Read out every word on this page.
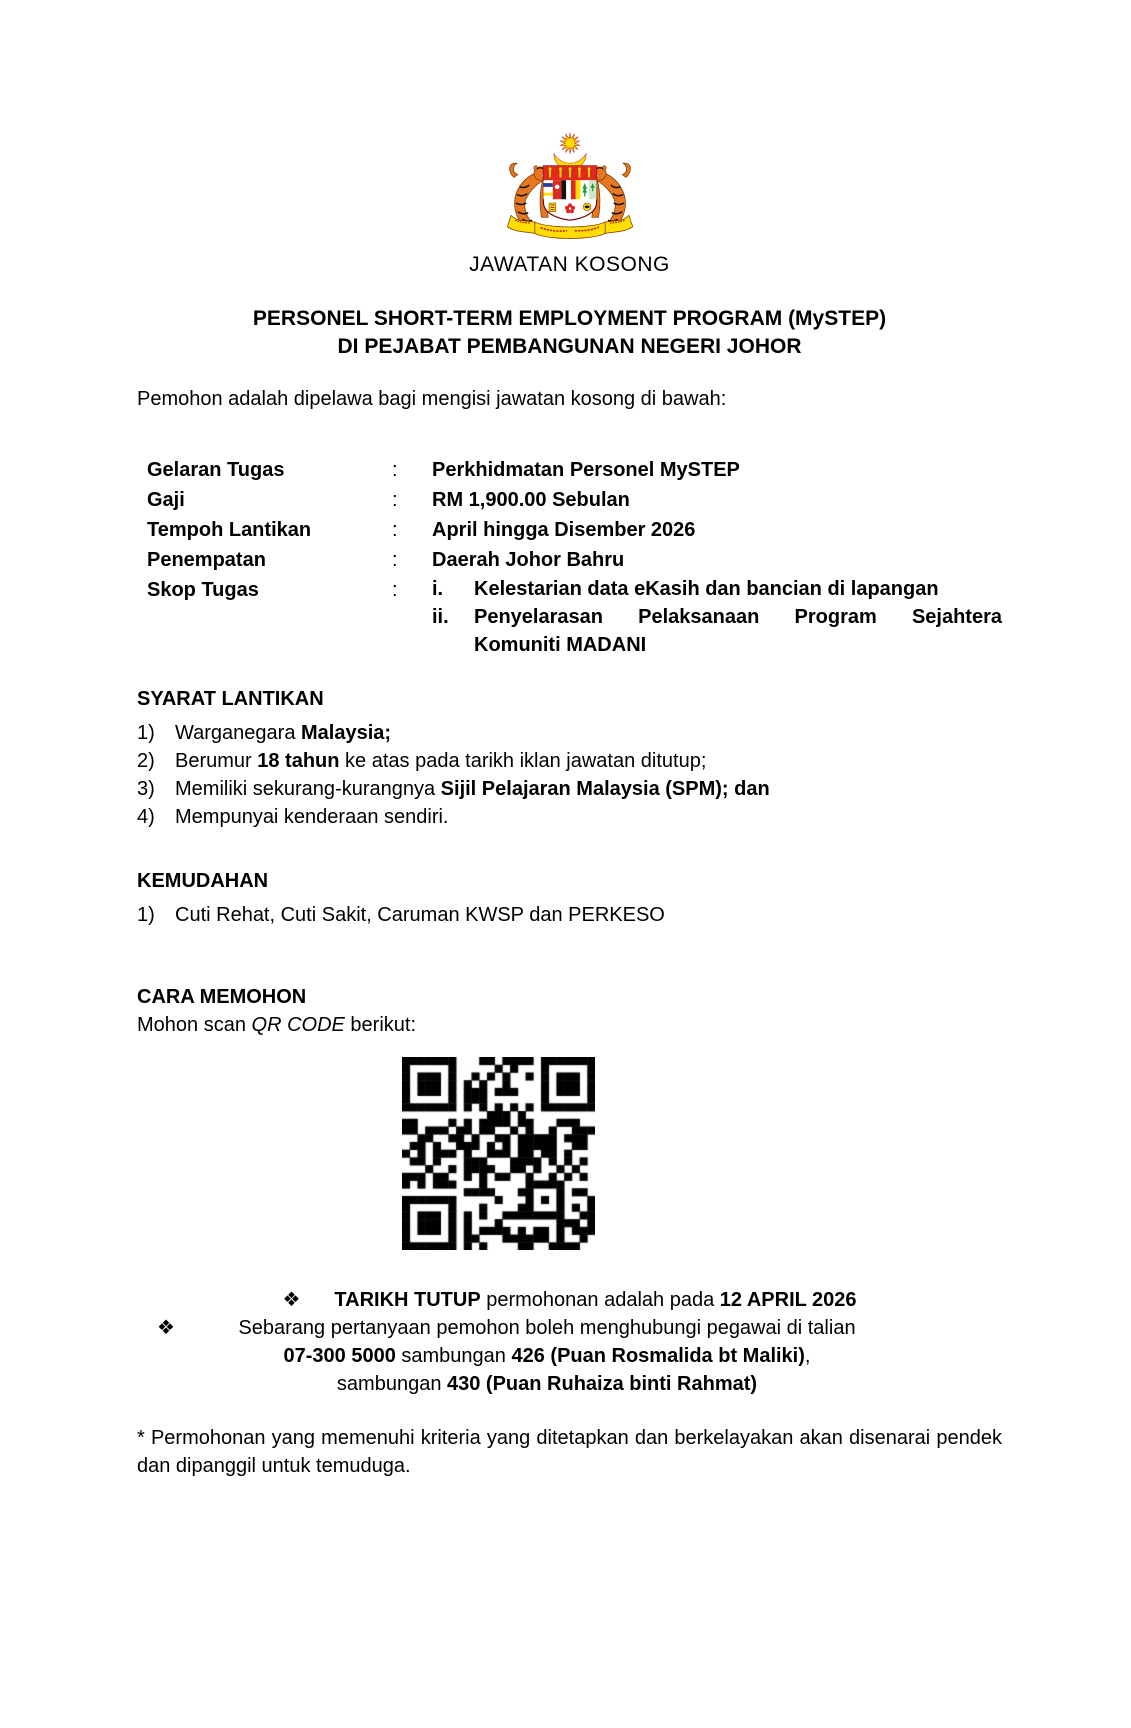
JAWATAN KOSONG
PERSONEL SHORT-TERM EMPLOYMENT PROGRAM (MySTEP)
DI PEJABAT PEMBANGUNAN NEGERI JOHOR
Pemohon adalah dipelawa bagi mengisi jawatan kosong di bawah:
Gelaran Tugas	:	Perkhidmatan Personel MySTEP
Gaji	:	RM 1,900.00 Sebulan
Tempoh Lantikan	:	April hingga Disember 2026
Penempatan	:	Daerah Johor Bahru
Skop Tugas	:	i. Kelestarian data eKasih dan bancian di lapangan
ii. Penyelarasan Pelaksanaan Program Sejahtera Komuniti MADANI
SYARAT LANTIKAN
1)	Warganegara Malaysia;
2)	Berumur 18 tahun ke atas pada tarikh iklan jawatan ditutup;
3)	Memiliki sekurang-kurangnya Sijil Pelajaran Malaysia (SPM); dan
4)	Mempunyai kenderaan sendiri.
KEMUDAHAN
1)	Cuti Rehat, Cuti Sakit, Caruman KWSP dan PERKESO
CARA MEMOHON
Mohon scan QR CODE berikut:
❖ TARIKH TUTUP permohonan adalah pada 12 APRIL 2026
❖	Sebarang pertanyaan pemohon boleh menghubungi pegawai di talian
07-300 5000 sambungan 426 (Puan Rosmalida bt Maliki),
sambungan 430 (Puan Ruhaiza binti Rahmat)
* Permohonan yang memenuhi kriteria yang ditetapkan dan berkelayakan akan disenarai pendek dan dipanggil untuk temuduga.
